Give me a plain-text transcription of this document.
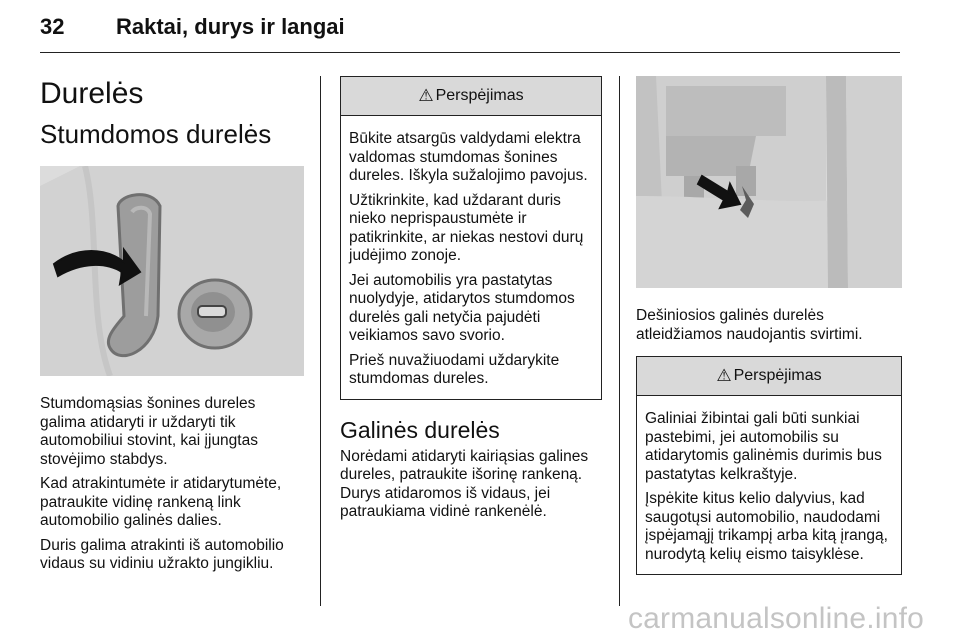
32 Raktai, durys ir langai
Durelės
Stumdomos durelės

Stumdomąsias šonines dureles galima atidaryti ir uždaryti tik automobiliui stovint, kai įjungtas stovėjimo stabdys.

Kad atrakintumėte ir atidarytumėte, patraukite vidinę rankeną link automobilio galinės dalies.

Duris galima atrakinti iš automobilio vidaus su vidiniu užrakto jungikliu.

⚠ Perspėjimas

Būkite atsargūs valdydami elektra valdomas stumdomas šonines dureles. Iškyla sužalojimo pavojus.

Užtikrinkite, kad uždarant duris nieko neprispaustumėte ir patikrinkite, ar niekas nestovi durų judėjimo zonoje.

Jei automobilis yra pastatytas nuolydyje, atidarytos stumdomos durelės gali netyčia pajudėti veikiamos savo svorio.

Prieš nuvažiuodami uždarykite stumdomas dureles.

Galinės durelės

Norėdami atidaryti kairiąsias galines dureles, patraukite išorinę rankeną. Durys atidaromos iš vidaus, jei patraukiama vidinė rankenėlė.

Dešiniosios galinės durelės atleidžiamos naudojantis svirtimi.

⚠ Perspėjimas

Galiniai žibintai gali būti sunkiai pastebimi, jei automobilis su atidarytomis galinėmis durimis bus pastatytas kelkraštyje.

Įspėkite kitus kelio dalyvius, kad saugotųsi automobilio, naudodami įspėjamąjį trikampį arba kitą įrangą, nurodytą kelių eismo taisyklėse.

carmanualsonline.info
